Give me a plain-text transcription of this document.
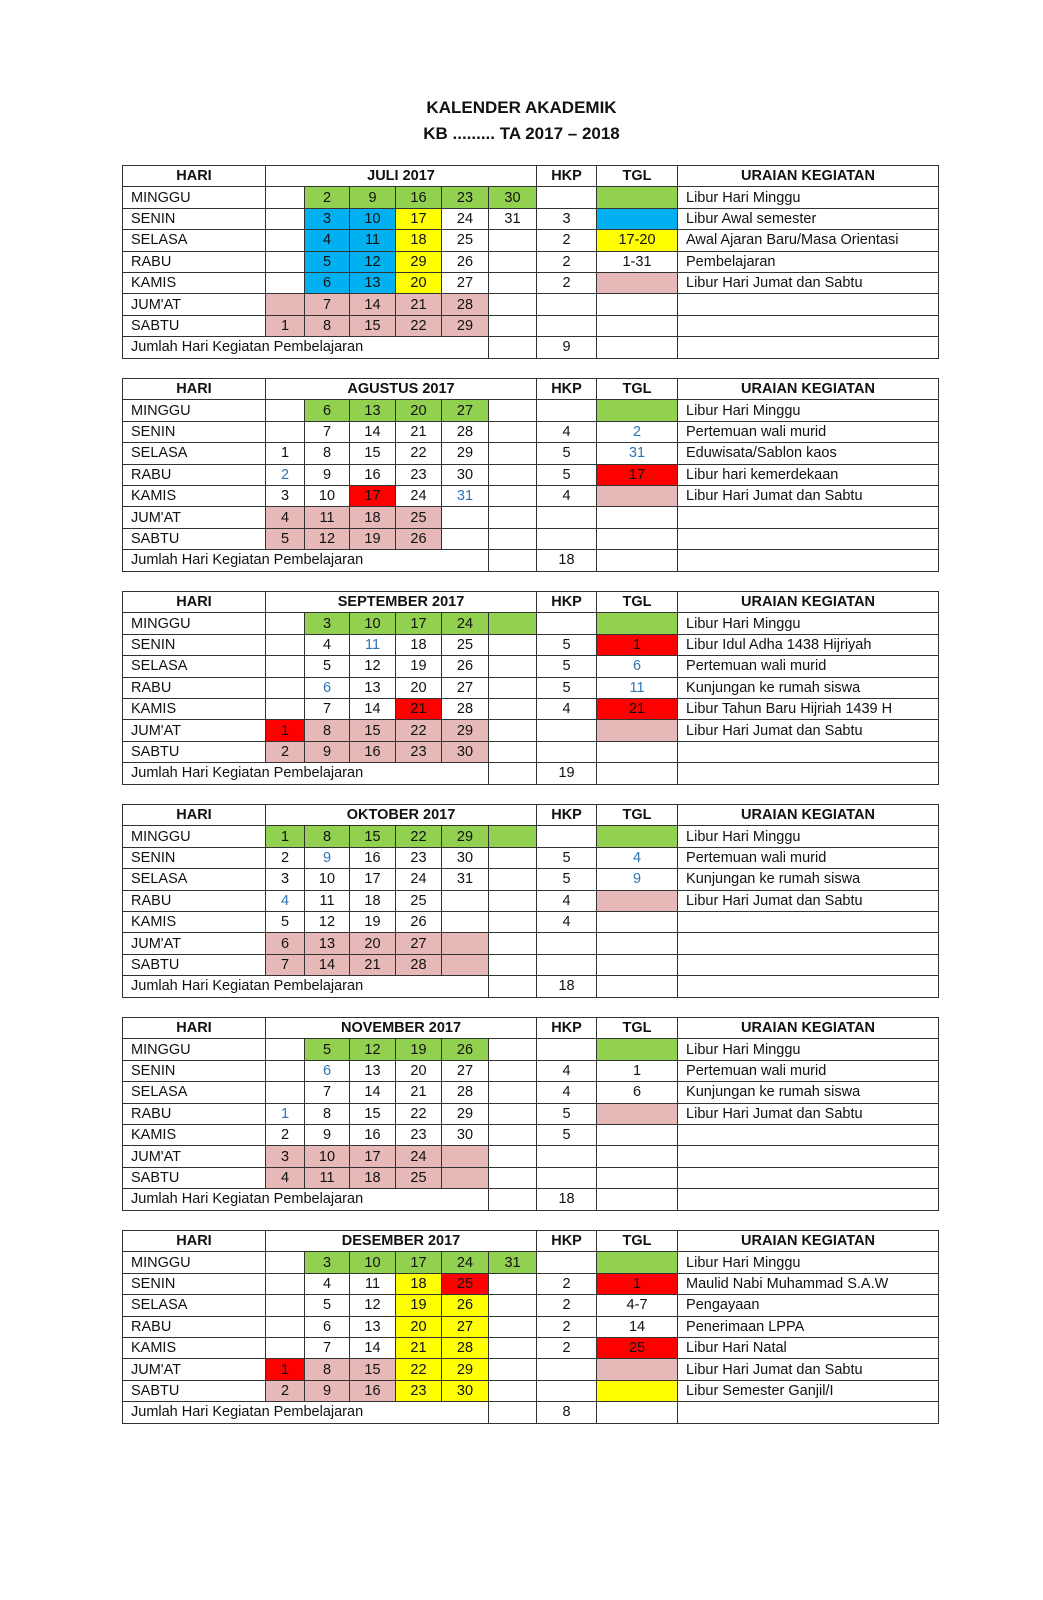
KALENDER AKADEMIK
KB ......... TA 2017 – 2018
HARI	JULI 2017						HKP	TGL	URAIAN KEGIATAN
MINGGU		2	9	16	23	30			Libur Hari Minggu
SENIN		3	10	17	24	31	3		Libur Awal semester
SELASA		4	11	18	25		2	17-20	Awal Ajaran Baru/Masa Orientasi
RABU		5	12	29	26		2	1-31	Pembelajaran
KAMIS		6	13	20	27		2		Libur Hari Jumat dan Sabtu
JUM'AT		7	14	21	28				
SABTU	1	8	15	22	29				
Jumlah Hari Kegiatan Pembelajaran							9		
HARI	AGUSTUS 2017						HKP	TGL	URAIAN KEGIATAN
MINGGU		6	13	20	27				Libur Hari Minggu
SENIN		7	14	21	28		4	2	Pertemuan wali murid
SELASA	1	8	15	22	29		5	31	Eduwisata/Sablon kaos
RABU	2	9	16	23	30		5	17	Libur hari kemerdekaan
KAMIS	3	10	17	24	31		4		Libur Hari Jumat dan Sabtu
JUM'AT	4	11	18	25					
SABTU	5	12	19	26					
Jumlah Hari Kegiatan Pembelajaran							18		
HARI	SEPTEMBER 2017						HKP	TGL	URAIAN KEGIATAN
MINGGU		3	10	17	24				Libur Hari Minggu
SENIN		4	11	18	25		5	1	Libur Idul Adha 1438 Hijriyah
SELASA		5	12	19	26		5	6	Pertemuan wali murid
RABU		6	13	20	27		5	11	Kunjungan ke rumah siswa
KAMIS		7	14	21	28		4	21	Libur Tahun Baru Hijriah 1439 H
JUM'AT	1	8	15	22	29				Libur Hari Jumat dan Sabtu
SABTU	2	9	16	23	30				
Jumlah Hari Kegiatan Pembelajaran							19		
HARI	OKTOBER 2017						HKP	TGL	URAIAN KEGIATAN
MINGGU	1	8	15	22	29				Libur Hari Minggu
SENIN	2	9	16	23	30		5	4	Pertemuan wali murid
SELASA	3	10	17	24	31		5	9	Kunjungan ke rumah siswa
RABU	4	11	18	25			4		Libur Hari Jumat dan Sabtu
KAMIS	5	12	19	26			4		
JUM'AT	6	13	20	27					
SABTU	7	14	21	28					
Jumlah Hari Kegiatan Pembelajaran							18		
HARI	NOVEMBER 2017						HKP	TGL	URAIAN KEGIATAN
MINGGU		5	12	19	26				Libur Hari Minggu
SENIN		6	13	20	27		4	1	Pertemuan wali murid
SELASA		7	14	21	28		4	6	Kunjungan ke rumah siswa
RABU	1	8	15	22	29		5		Libur Hari Jumat dan Sabtu
KAMIS	2	9	16	23	30		5		
JUM'AT	3	10	17	24					
SABTU	4	11	18	25					
Jumlah Hari Kegiatan Pembelajaran							18		
HARI	DESEMBER 2017						HKP	TGL	URAIAN KEGIATAN
MINGGU		3	10	17	24	31			Libur Hari Minggu
SENIN		4	11	18	25		2	1	Maulid Nabi Muhammad S.A.W
SELASA		5	12	19	26		2	4-7	Pengayaan
RABU		6	13	20	27		2	14	Penerimaan LPPA
KAMIS		7	14	21	28		2	25	Libur Hari Natal
JUM'AT	1	8	15	22	29				Libur Hari Jumat dan Sabtu
SABTU	2	9	16	23	30				Libur Semester Ganjil/I
Jumlah Hari Kegiatan Pembelajaran							8		
